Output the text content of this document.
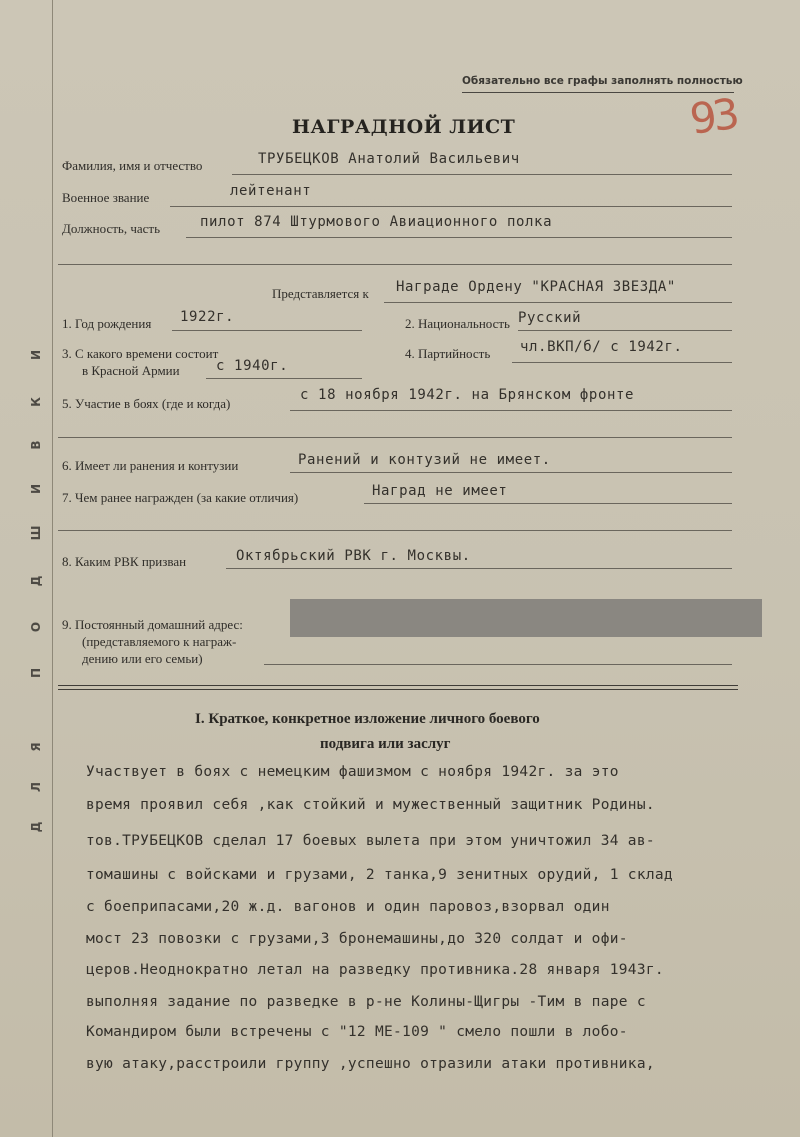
И
К
В
И
Ш
Д
О
П
Я
Л
Д
Обязательно все графы заполнять полностью
93
НАГРАДНОЙ ЛИСТ
Фамилия, имя и отчество	ТРУБЕЦКОВ Анатолий Васильевич
Военное звание	лейтенант
Должность, часть	пилот 874 Штурмового Авиационного полка
Представляется к Награде Ордену "КРАСНАЯ ЗВЕЗДА"
1. Год рождения 1922г.	2. Национальность Русский
3. С какого времени состоит
в Красной Армии	с 1940г.
4. Партийность чл.ВКП/б/ с 1942г.
5. Участие в боях (где и когда)
с 18 ноября 1942г. на Брянском фронте
6. Имеет ли ранения и контузии	Ранений и контузий не имеет.
7. Чем ранее награжден (за какие отличия)	Наград не имеет
8. Каким РВК призван	Октябрьский РВК г. Москвы.
9. Постоянный домашний адрес:
(представляемого к награж-
дению или его семьи)
I. Краткое, конкретное изложение личного боевого
подвига или заслуг
Участвует в боях с немецким фашизмом с ноября 1942г. за это
время проявил себя ,как стойкий и мужественный защитник Родины.
тов.ТРУБЕЦКОВ сделал 17 боевых вылета при этом уничтожил 34 ав-
томашины с войсками и грузами, 2 танка,9 зенитных орудий, 1 склад
с боеприпасами,20 ж.д. вагонов и один паровоз,взорвал один
мост 23 повозки с грузами,3 бронемашины,до 320 солдат и офи-
церов.Неоднократно летал на разведку противника.28 января 1943г.
выполняя задание по разведке в р-не Колины-Щигры -Тим в паре с
Командиром были встречены с "12 МЕ-109 " смело пошли в лобо-
вую атаку,расстроили группу ,успешно отразили атаки противника,
